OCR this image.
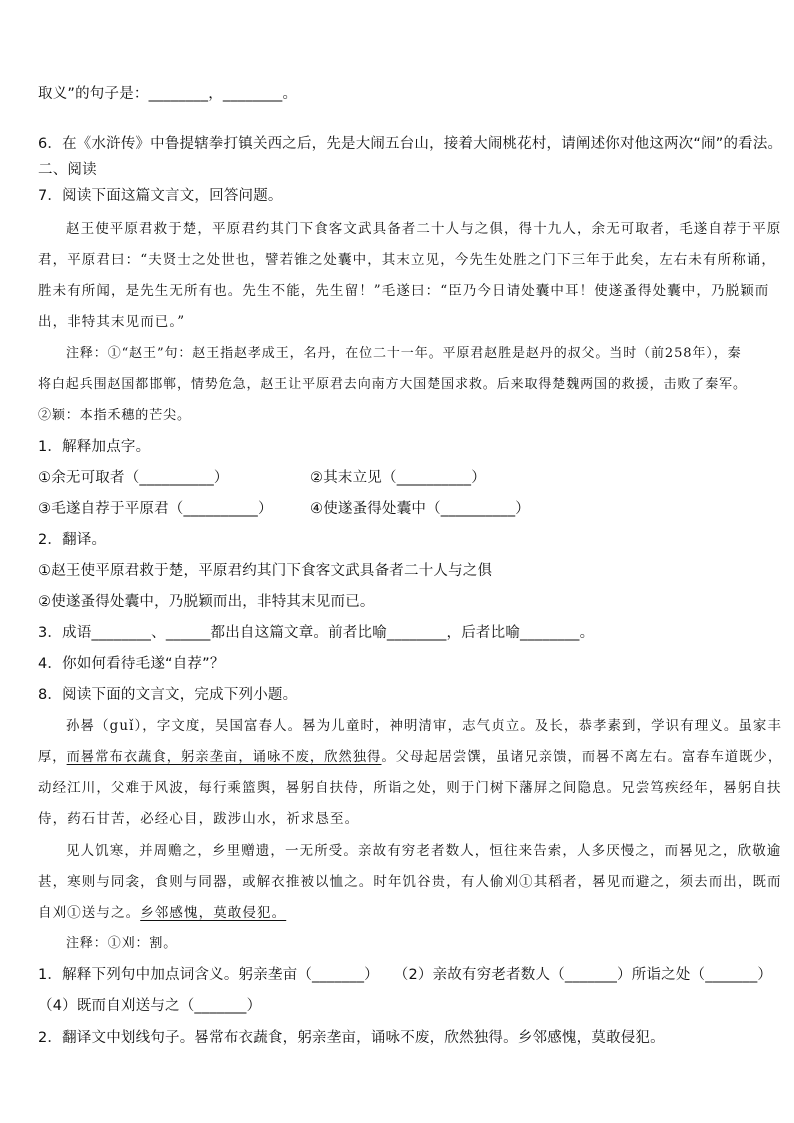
取义”的句子是：________，________。
6．在《水浒传》中鲁提辖拳打镇关西之后，先是大闹五台山，接着大闹桃花村，请阐述你对他这两次“闹”的看法。
二、阅读
7．阅读下面这篇文言文，回答问题。
赵王使平原君救于楚，平原君约其门下食客文武具备者二十人与之俱，得十九人，余无可取者，毛遂自荐于平原
君，平原君曰：“夫贤士之处世也，譬若锥之处囊中，其末立见，今先生处胜之门下三年于此矣，左右未有所称诵，
胜未有所闻，是先生无所有也。先生不能，先生留！”毛遂曰：“臣乃今日请处囊中耳！使遂蚤得处囊中，乃脱颖而
出，非特其末见而已。”
注释：①“赵王”句：赵王指赵孝成王，名丹，在位二十一年。平原君赵胜是赵丹的叔父。当时（前258年），秦
将白起兵围赵国都邯郸，情势危急，赵王让平原君去向南方大国楚国求救。后来取得楚魏两国的救援，击败了秦军。
②颖：本指禾穗的芒尖。
1．解释加点字。
①余无可取者（__________）	②其末立见（__________）
③毛遂自荐于平原君（__________）	④使遂蚤得处囊中（__________）
2．翻译。
①赵王使平原君救于楚，平原君约其门下食客文武具备者二十人与之俱
②使遂蚤得处囊中，乃脱颖而出，非特其末见而已。
3．成语________、______都出自这篇文章。前者比喻________，后者比喻________。
4．你如何看待毛遂“自荐”？
8．阅读下面的文言文，完成下列小题。
孙晷（guǐ），字文度，吴国富春人。晷为儿童时，神明清审，志气贞立。及长，恭孝素到，学识有理义。虽家丰
厚，而晷常布衣蔬食，躬亲垄亩，诵咏不废，欣然独得。父母起居尝馔，虽诸兄亲馈，而晷不离左右。富春车道既少，
动经江川，父难于风波，每行乘篮舆，晷躬自扶侍，所诣之处，则于门树下藩屏之间隐息。兄尝笃疾经年，晷躬自扶
侍，药石甘苦，必经心目，跋涉山水，祈求恳至。
见人饥寒，并周赡之，乡里赠遗，一无所受。亲故有穷老者数人，恒往来告索，人多厌慢之，而晷见之，欣敬逾
甚，寒则与同衾，食则与同器，或解衣推被以恤之。时年饥谷贵，有人偷刈①其稻者，晷见而避之，须去而出，既而
自刈①送与之。乡邻感愧，莫敢侵犯。
注释：①刈：割。
1．解释下列句中加点词含义。躬亲垄亩（_______）　　（2）亲故有穷老者数人（_______）所诣之处（_______）
（4）既而自刈送与之（_______）
2．翻译文中划线句子。晷常布衣蔬食，躬亲垄亩，诵咏不废，欣然独得。乡邻感愧，莫敢侵犯。
